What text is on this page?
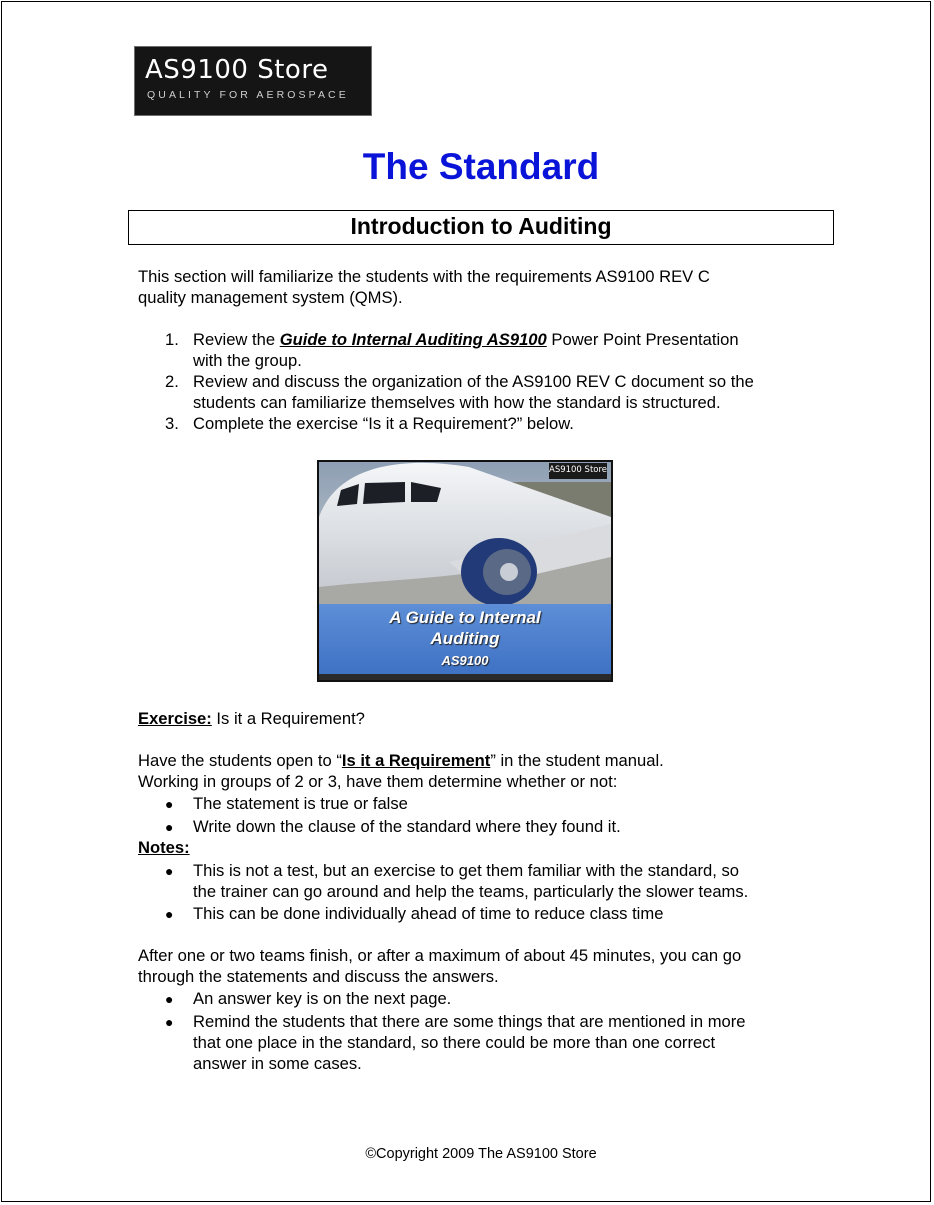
AS9100 Store
QUALITY FOR AEROSPACE
The Standard
Introduction to Auditing
This section will familiarize the students with the requirements AS9100 REV C
quality management system (QMS).
1. Review the Guide to Internal Auditing AS9100 Power Point Presentation
with the group.
2. Review and discuss the organization of the AS9100 REV C document so the
students can familiarize themselves with how the standard is structured.
3. Complete the exercise “Is it a Requirement?” below.
AS9100 Store
A Guide to Internal
Auditing
AS9100
Exercise: Is it a Requirement?
Have the students open to “Is it a Requirement” in the student manual.
Working in groups of 2 or 3, have them determine whether or not:
● The statement is true or false
● Write down the clause of the standard where they found it.
Notes:
● This is not a test, but an exercise to get them familiar with the standard, so
the trainer can go around and help the teams, particularly the slower teams.
● This can be done individually ahead of time to reduce class time
After one or two teams finish, or after a maximum of about 45 minutes, you can go
through the statements and discuss the answers.
● An answer key is on the next page.
● Remind the students that there are some things that are mentioned in more
that one place in the standard, so there could be more than one correct
answer in some cases.
©Copyright 2009 The AS9100 Store
